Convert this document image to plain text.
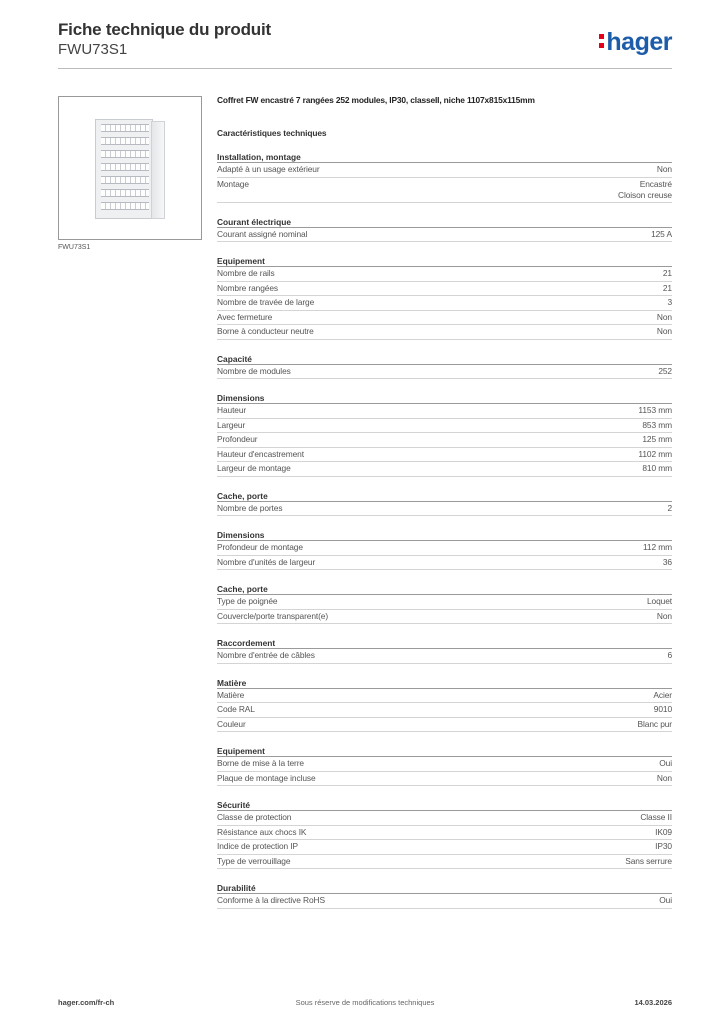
Fiche technique du produit
FWU73S1	hager
FWU73S1
Coffret FW encastré 7 rangées 252 modules, IP30, classeII, niche 1107x815x115mm
Caractéristiques techniques
Installation, montage
Adapté à un usage extérieur	Non
Montage	Encastré
Cloison creuse
Courant électrique
Courant assigné nominal	125 A
Equipement
Nombre de rails	21
Nombre rangées	21
Nombre de travée de large	3
Avec fermeture	Non
Borne à conducteur neutre	Non
Capacité
Nombre de modules	252
Dimensions
Hauteur	1153 mm
Largeur	853 mm
Profondeur	125 mm
Hauteur d'encastrement	1102 mm
Largeur de montage	810 mm
Cache, porte
Nombre de portes	2
Dimensions
Profondeur de montage	112 mm
Nombre d'unités de largeur	36
Cache, porte
Type de poignée	Loquet
Couvercle/porte transparent(e)	Non
Raccordement
Nombre d'entrée de câbles	6
Matière
Matière	Acier
Code RAL	9010
Couleur	Blanc pur
Equipement
Borne de mise à la terre	Oui
Plaque de montage incluse	Non
Sécurité
Classe de protection	Classe II
Résistance aux chocs IK	IK09
Indice de protection IP	IP30
Type de verrouillage	Sans serrure
Durabilité
Conforme à la directive RoHS	Oui
hager.com/fr-ch	Sous réserve de modifications techniques	14.03.2026
